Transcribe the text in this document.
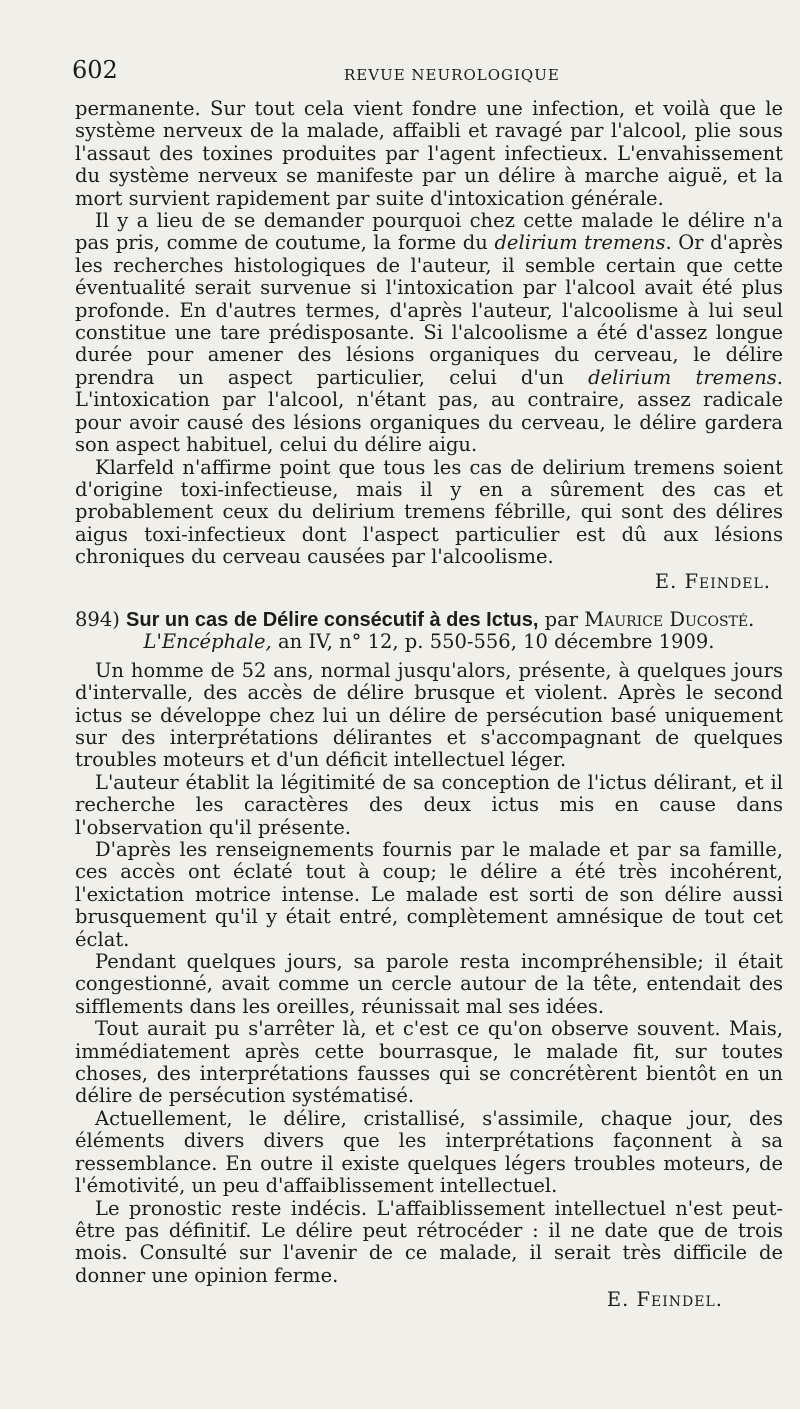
602	REVUE NEUROLOGIQUE

permanente. Sur tout cela vient fondre une infection, et voilà que le système nerveux de la malade, affaibli et ravagé par l'alcool, plie sous l'assaut des toxines produites par l'agent infectieux. L'envahissement du système nerveux se manifeste par un délire à marche aiguë, et la mort survient rapidement par suite d'intoxication générale.

Il y a lieu de se demander pourquoi chez cette malade le délire n'a pas pris, comme de coutume, la forme du delirium tremens. Or d'après les recherches histologiques de l'auteur, il semble certain que cette éventualité serait survenue si l'intoxication par l'alcool avait été plus profonde. En d'autres termes, d'après l'auteur, l'alcoolisme à lui seul constitue une tare prédisposante. Si l'alcoolisme a été d'assez longue durée pour amener des lésions organiques du cerveau, le délire prendra un aspect particulier, celui d'un delirium tremens. L'intoxication par l'alcool, n'étant pas, au contraire, assez radicale pour avoir causé des lésions organiques du cerveau, le délire gardera son aspect habituel, celui du délire aigu.

Klarfeld n'affirme point que tous les cas de delirium tremens soient d'origine toxi-infectieuse, mais il y en a sûrement des cas et probablement ceux du delirium tremens fébrille, qui sont des délires aigus toxi-infectieux dont l'aspect particulier est dû aux lésions chroniques du cerveau causées par l'alcoolisme.

E. Feindel.
894) Sur un cas de Délire consécutif à des Ictus, par Maurice Ducosté.
L'Encéphale, an IV, n° 12, p. 550-556, 10 décembre 1909.

Un homme de 52 ans, normal jusqu'alors, présente, à quelques jours d'intervalle, des accès de délire brusque et violent. Après le second ictus se développe chez lui un délire de persécution basé uniquement sur des interprétations délirantes et s'accompagnant de quelques troubles moteurs et d'un déficit intellectuel léger.

L'auteur établit la légitimité de sa conception de l'ictus délirant, et il recherche les caractères des deux ictus mis en cause dans l'observation qu'il présente.

D'après les renseignements fournis par le malade et par sa famille, ces accès ont éclaté tout à coup; le délire a été très incohérent, l'exictation motrice intense. Le malade est sorti de son délire aussi brusquement qu'il y était entré, complètement amnésique de tout cet éclat.

Pendant quelques jours, sa parole resta incompréhensible; il était congestionné, avait comme un cercle autour de la tête, entendait des sifflements dans les oreilles, réunissait mal ses idées.

Tout aurait pu s'arrêter là, et c'est ce qu'on observe souvent. Mais, immédiatement après cette bourrasque, le malade fit, sur toutes choses, des interprétations fausses qui se concrétèrent bientôt en un délire de persécution systématisé.

Actuellement, le délire, cristallisé, s'assimile, chaque jour, des éléments divers divers que les interprétations façonnent à sa ressemblance. En outre il existe quelques légers troubles moteurs, de l'émotivité, un peu d'affaiblissement intellectuel.

Le pronostic reste indécis. L'affaiblissement intellectuel n'est peut-être pas définitif. Le délire peut rétrocéder : il ne date que de trois mois. Consulté sur l'avenir de ce malade, il serait très difficile de donner une opinion ferme.

E. Feindel.
